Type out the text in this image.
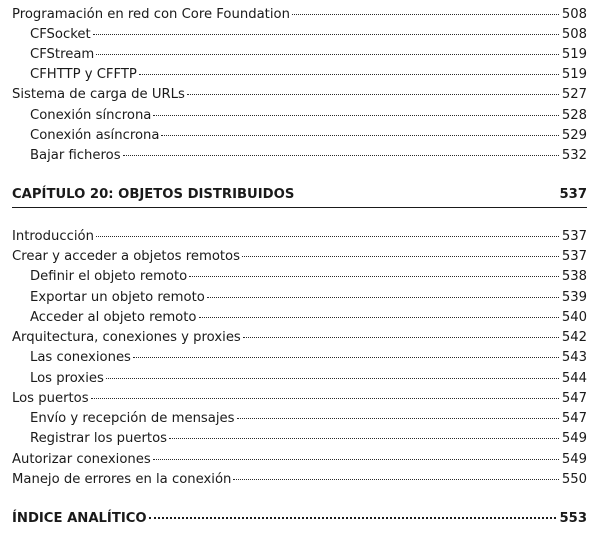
Programación en red con Core Foundation	508
CFSocket	508
CFStream	519
CFHTTP y CFFTP	519
Sistema de carga de URLs	527
Conexión síncrona	528
Conexión asíncrona	529
Bajar ficheros	532
CAPÍTULO 20: OBJETOS DISTRIBUIDOS	537
Introducción	537
Crear y acceder a objetos remotos	537
Definir el objeto remoto	538
Exportar un objeto remoto	539
Acceder al objeto remoto	540
Arquitectura, conexiones y proxies	542
Las conexiones	543
Los proxies	544
Los puertos	547
Envío y recepción de mensajes	547
Registrar los puertos	549
Autorizar conexiones	549
Manejo de errores en la conexión	550
ÍNDICE ANALÍTICO	553
